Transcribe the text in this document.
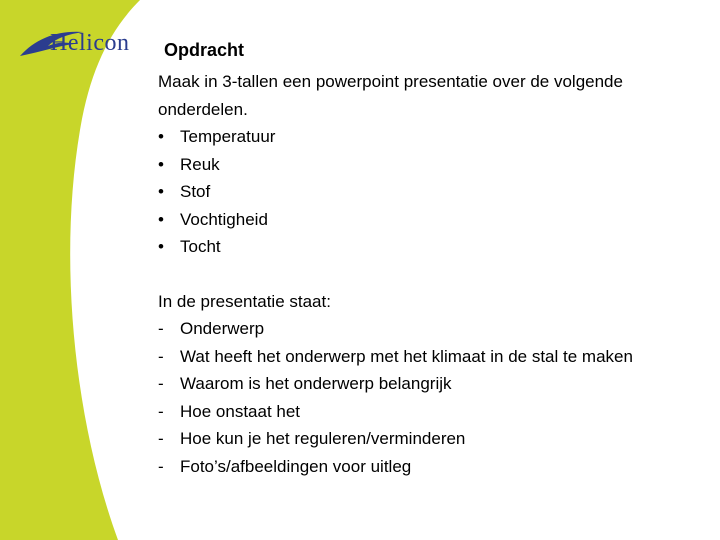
Helicon Opdracht

Maak in 3-tallen een powerpoint presentatie over de volgende onderdelen.

• Temperatuur
• Reuk
• Stof
• Vochtigheid
• Tocht

In de presentatie staat:

- Onderwerp
- Wat heeft het onderwerp met het klimaat in de stal te maken
- Waarom is het onderwerp belangrijk
- Hoe onstaat het
- Hoe kun je het reguleren/verminderen
- Foto’s/afbeeldingen voor uitleg
